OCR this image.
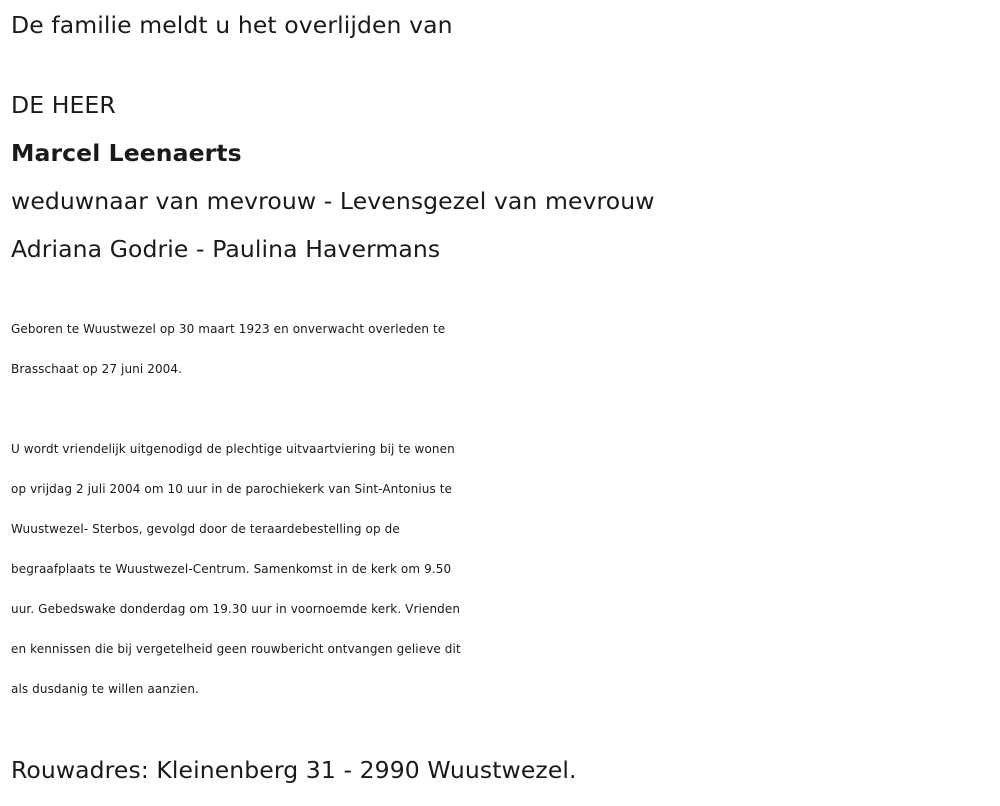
De familie meldt u het overlijden van
DE HEER
Marcel Leenaerts
weduwnaar van mevrouw - Levensgezel van mevrouw
Adriana Godrie - Paulina Havermans
Geboren te Wuustwezel op 30 maart 1923 en onverwacht overleden te
Brasschaat op 27 juni 2004.
U wordt vriendelijk uitgenodigd de plechtige uitvaartviering bij te wonen
op vrijdag 2 juli 2004 om 10 uur in de parochiekerk van Sint-Antonius te
Wuustwezel- Sterbos, gevolgd door de teraardebestelling op de
begraafplaats te Wuustwezel-Centrum. Samenkomst in de kerk om 9.50
uur. Gebedswake donderdag om 19.30 uur in voornoemde kerk. Vrienden
en kennissen die bij vergetelheid geen rouwbericht ontvangen gelieve dit
als dusdanig te willen aanzien.
Rouwadres: Kleinenberg 31 - 2990 Wuustwezel.
